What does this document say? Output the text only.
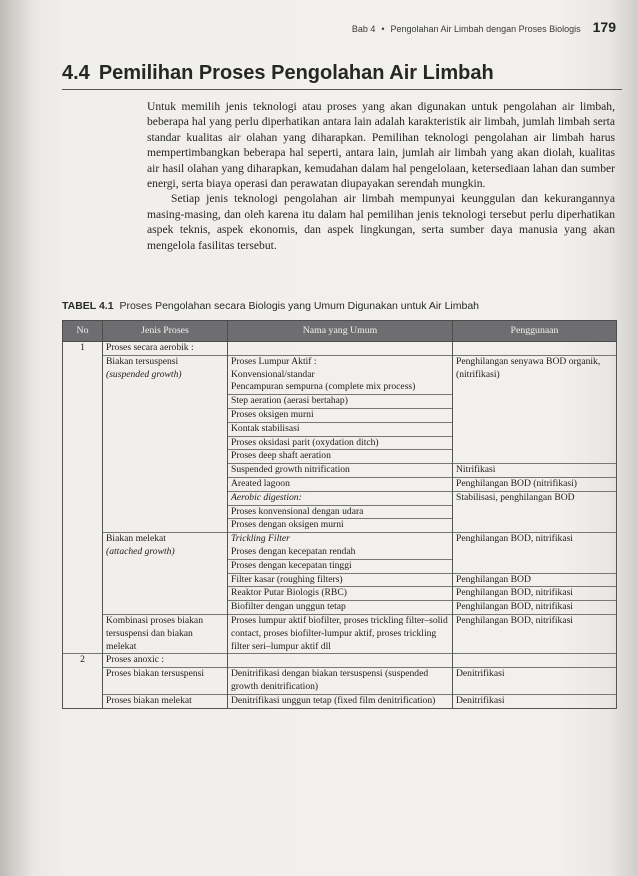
Bab 4 • Pengolahan Air Limbah dengan Proses Biologis 179
4.4 Pemilihan Proses Pengolahan Air Limbah

Untuk memilih jenis teknologi atau proses yang akan digunakan untuk pengolahan air limbah, beberapa hal yang perlu diperhatikan antara lain adalah karakteristik air limbah, jumlah limbah serta standar kualitas air olahan yang diharapkan. Pemilihan teknologi pengolahan air limbah harus mempertimbangkan beberapa hal seperti, antara lain, jumlah air limbah yang akan diolah, kualitas air hasil olahan yang diharapkan, kemudahan dalam hal pengelolaan, ketersediaan lahan dan sumber energi, serta biaya operasi dan perawatan diupayakan serendah mungkin.

Setiap jenis teknologi pengolahan air limbah mempunyai keunggulan dan kekurangannya masing-masing, dan oleh karena itu dalam hal pemilihan jenis teknologi tersebut perlu diperhatikan aspek teknis, aspek ekonomis, dan aspek lingkungan, serta sumber daya manusia yang akan mengelola fasilitas tersebut.

TABEL 4.1 Proses Pengolahan secara Biologis yang Umum Digunakan untuk Air Limbah
No	Jenis Proses	Nama yang Umum	Penggunaan
1	Proses secara aerobik :		
	Biakan tersuspensi	Proses Lumpur Aktif :	Penghilangan senyawa BOD organik,
	(suspended growth)	Konvensional/standar	(nitrifikasi)
		Pencampuran sempurna (complete mix process)	
		Step aeration (aerasi bertahap)	
		Proses oksigen murni	
		Kontak stabilisasi	
		Proses oksidasi parit (oxydation ditch)	
		Proses deep shaft aeration	
		Suspended growth nitrification	Nitrifikasi
		Areated lagoon	Penghilangan BOD (nitrifikasi)
		Aerobic digestion:	Stabilisasi, penghilangan BOD
		Proses konvensional dengan udara	
		Proses dengan oksigen murni	
	Biakan melekat	Trickling Filter	Penghilangan BOD, nitrifikasi
	(attached growth)	Proses dengan kecepatan rendah	
		Proses dengan kecepatan tinggi	
		Filter kasar (roughing filters)	Penghilangan BOD
		Reaktor Putar Biologis (RBC)	Penghilangan BOD, nitrifikasi
		Biofilter dengan unggun tetap	Penghilangan BOD, nitrifikasi
	Kombinasi proses biakan tersuspensi dan biakan melekat	Proses lumpur aktif biofilter, proses trickling filter–solid contact, proses biofilter-lumpur aktif, proses trickling filter seri–lumpur aktif dll	Penghilangan BOD, nitrifikasi
2	Proses anoxic :		
	Proses biakan tersuspensi	Denitrifikasi dengan biakan tersuspensi (suspended growth denitrification)	Denitrifikasi
	Proses biakan melekat	Denitrifikasi unggun tetap (fixed film denitrification)	Denitrifikasi
